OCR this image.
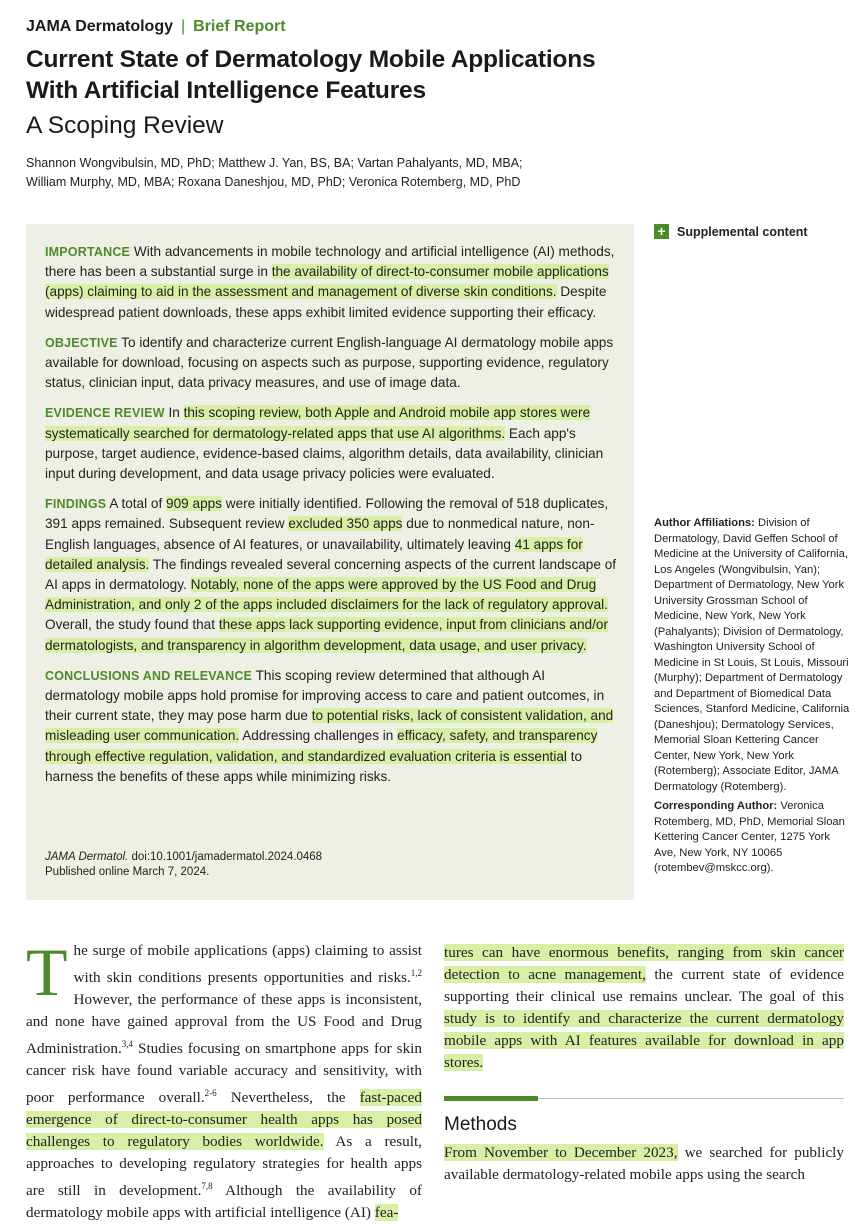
JAMA Dermatology | Brief Report
Current State of Dermatology Mobile Applications
With Artificial Intelligence Features
A Scoping Review
Shannon Wongvibulsin, MD, PhD; Matthew J. Yan, BS, BA; Vartan Pahalyants, MD, MBA;
William Murphy, MD, MBA; Roxana Daneshjou, MD, PhD; Veronica Rotemberg, MD, PhD

IMPORTANCE With advancements in mobile technology and artificial intelligence (AI) methods, there has been a substantial surge in the availability of direct-to-consumer mobile applications (apps) claiming to aid in the assessment and management of diverse skin conditions. Despite widespread patient downloads, these apps exhibit limited evidence supporting their efficacy.

OBJECTIVE To identify and characterize current English-language AI dermatology mobile apps available for download, focusing on aspects such as purpose, supporting evidence, regulatory status, clinician input, data privacy measures, and use of image data.

EVIDENCE REVIEW In this scoping review, both Apple and Android mobile app stores were systematically searched for dermatology-related apps that use AI algorithms. Each app's purpose, target audience, evidence-based claims, algorithm details, data availability, clinician input during development, and data usage privacy policies were evaluated.

FINDINGS A total of 909 apps were initially identified. Following the removal of 518 duplicates, 391 apps remained. Subsequent review excluded 350 apps due to nonmedical nature, non-English languages, absence of AI features, or unavailability, ultimately leaving 41 apps for detailed analysis. The findings revealed several concerning aspects of the current landscape of AI apps in dermatology. Notably, none of the apps were approved by the US Food and Drug Administration, and only 2 of the apps included disclaimers for the lack of regulatory approval. Overall, the study found that these apps lack supporting evidence, input from clinicians and/or dermatologists, and transparency in algorithm development, data usage, and user privacy.

CONCLUSIONS AND RELEVANCE This scoping review determined that although AI dermatology mobile apps hold promise for improving access to care and patient outcomes, in their current state, they may pose harm due to potential risks, lack of consistent validation, and misleading user communication. Addressing challenges in efficacy, safety, and transparency through effective regulation, validation, and standardized evaluation criteria is essential to harness the benefits of these apps while minimizing risks.

JAMA Dermatol. doi:10.1001/jamadermatol.2024.0468
Published online March 7, 2024.
+ Supplemental content
Author Affiliations: Division of Dermatology, David Geffen School of Medicine at the University of California, Los Angeles (Wongvibulsin, Yan); Department of Dermatology, New York University Grossman School of Medicine, New York, New York (Pahalyants); Division of Dermatology, Washington University School of Medicine in St Louis, St Louis, Missouri (Murphy); Department of Dermatology and Department of Biomedical Data Sciences, Stanford Medicine, California (Daneshjou); Dermatology Services, Memorial Sloan Kettering Cancer Center, New York, New York (Rotemberg); Associate Editor, JAMA Dermatology (Rotemberg).
Corresponding Author: Veronica Rotemberg, MD, PhD, Memorial Sloan Kettering Cancer Center, 1275 York Ave, New York, NY 10065 (rotembev@mskcc.org).
The surge of mobile applications (apps) claiming to assist with skin conditions presents opportunities and risks.$^{1,2}$ However, the performance of these apps is inconsistent, and none have gained approval from the US Food and Drug Administration.$^{3,4}$ Studies focusing on smartphone apps for skin cancer risk have found variable accuracy and sensitivity, with poor performance overall.$^{2-6}$ Nevertheless, the fast-paced emergence of direct-to-consumer health apps has posed challenges to regulatory bodies worldwide. As a result, approaches to developing regulatory strategies for health apps are still in development.$^{7,8}$ Although the availability of dermatology mobile apps with artificial intelligence (AI) fea-
tures can have enormous benefits, ranging from skin cancer detection to acne management, the current state of evidence supporting their clinical use remains unclear. The goal of this study is to identify and characterize the current dermatology mobile apps with AI features available for download in app stores.
Methods
From November to December 2023, we searched for publicly available dermatology-related mobile apps using the search
